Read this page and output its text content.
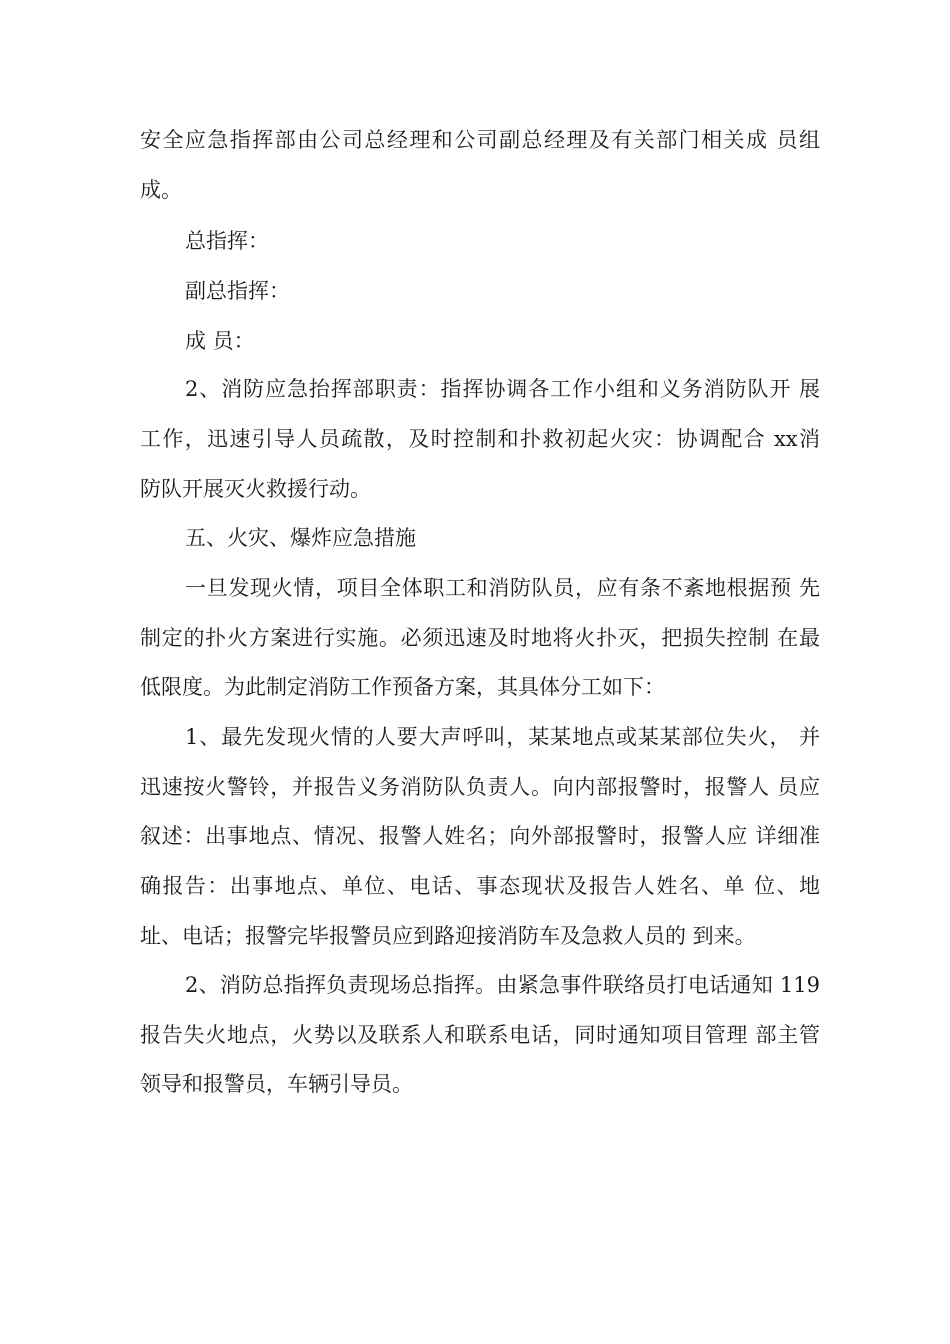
安全应急指挥部由公司总经理和公司副总经理及有关部门相关成 员组
成。
总指挥：
副总指挥：
成 员：
2、消防应急抬挥部职责：指挥协调各工作小组和义务消防队开 展
工作，迅速引导人员疏散，及时控制和扑救初起火灾：协调配合 xx消
防队开展灭火救援行动。
五、火灾、爆炸应急措施
一旦发现火情，项目全体职工和消防队员，应有条不紊地根据预 先
制定的扑火方案进行实施。必须迅速及时地将火扑灭，把损失控制 在最
低限度。为此制定消防工作预备方案，其具体分工如下：
1、最先发现火情的人要大声呼叫，某某地点或某某部位失火， 并
迅速按火警铃，并报告义务消防队负责人。向内部报警时，报警人 员应
叙述：出事地点、情况、报警人姓名；向外部报警时，报警人应 详细准
确报告：出事地点、单位、电话、事态现状及报告人姓名、单 位、地
址、电话；报警完毕报警员应到路迎接消防车及急救人员的 到来。
2、消防总指挥负责现场总指挥。由紧急事件联络员打电话通知 119
报告失火地点，火势以及联系人和联系电话，同时通知项目管理 部主管
领导和报警员，车辆引导员。
